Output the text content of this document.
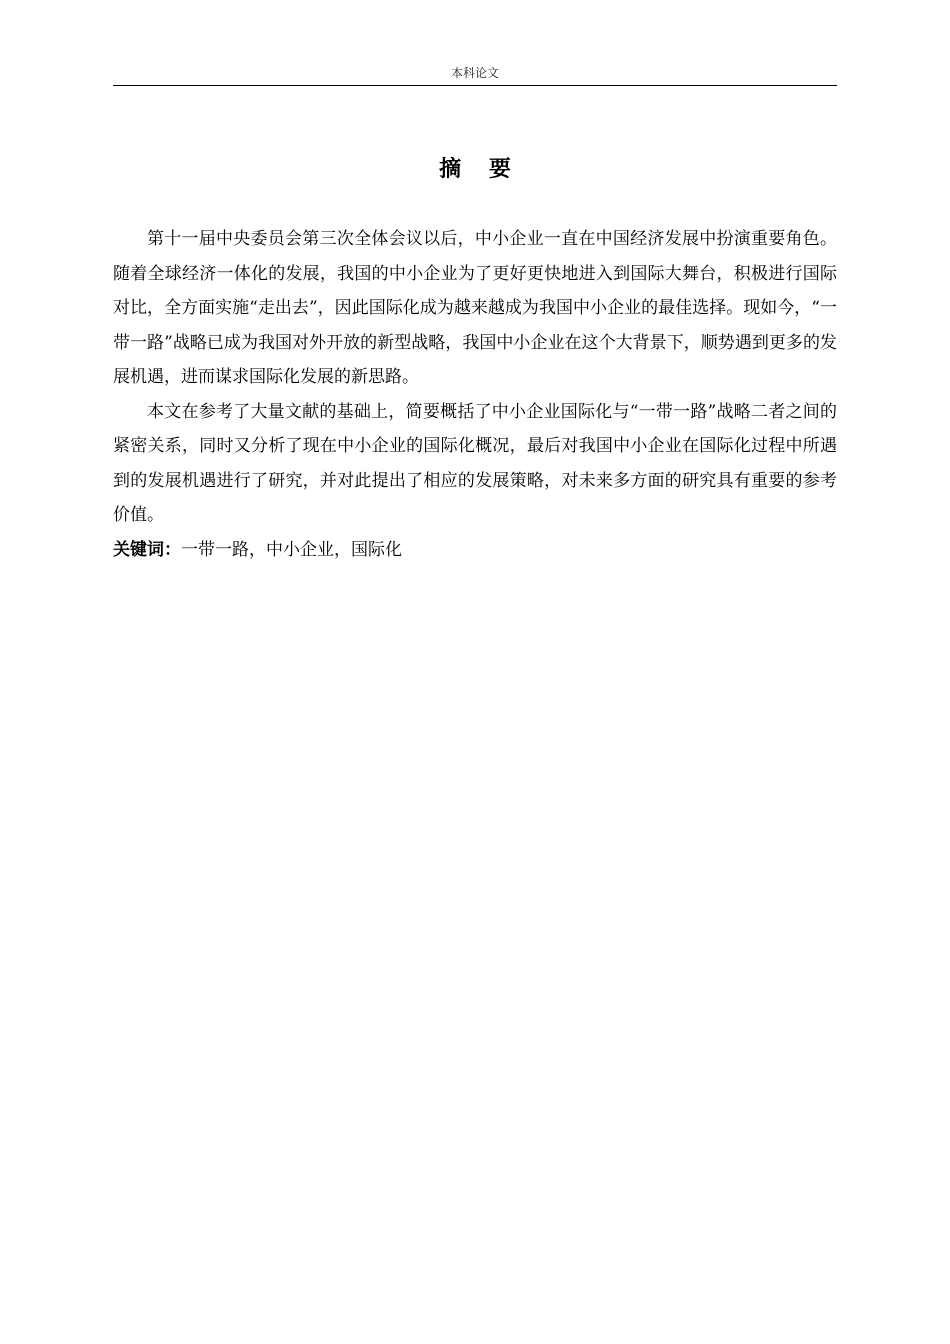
本科论文
摘 要

第十一届中央委员会第三次全体会议以后，中小企业一直在中国经济发展中扮演重要角色。随着全球经济一体化的发展，我国的中小企业为了更好更快地进入到国际大舞台，积极进行国际对比，全方面实施“走出去”，因此国际化成为越来越成为我国中小企业的最佳选择。现如今，“一带一路”战略已成为我国对外开放的新型战略，我国中小企业在这个大背景下，顺势遇到更多的发展机遇，进而谋求国际化发展的新思路。

本文在参考了大量文献的基础上，简要概括了中小企业国际化与“一带一路”战略二者之间的紧密关系，同时又分析了现在中小企业的国际化概况，最后对我国中小企业在国际化过程中所遇到的发展机遇进行了研究，并对此提出了相应的发展策略，对未来多方面的研究具有重要的参考价值。

关键词：一带一路，中小企业，国际化
